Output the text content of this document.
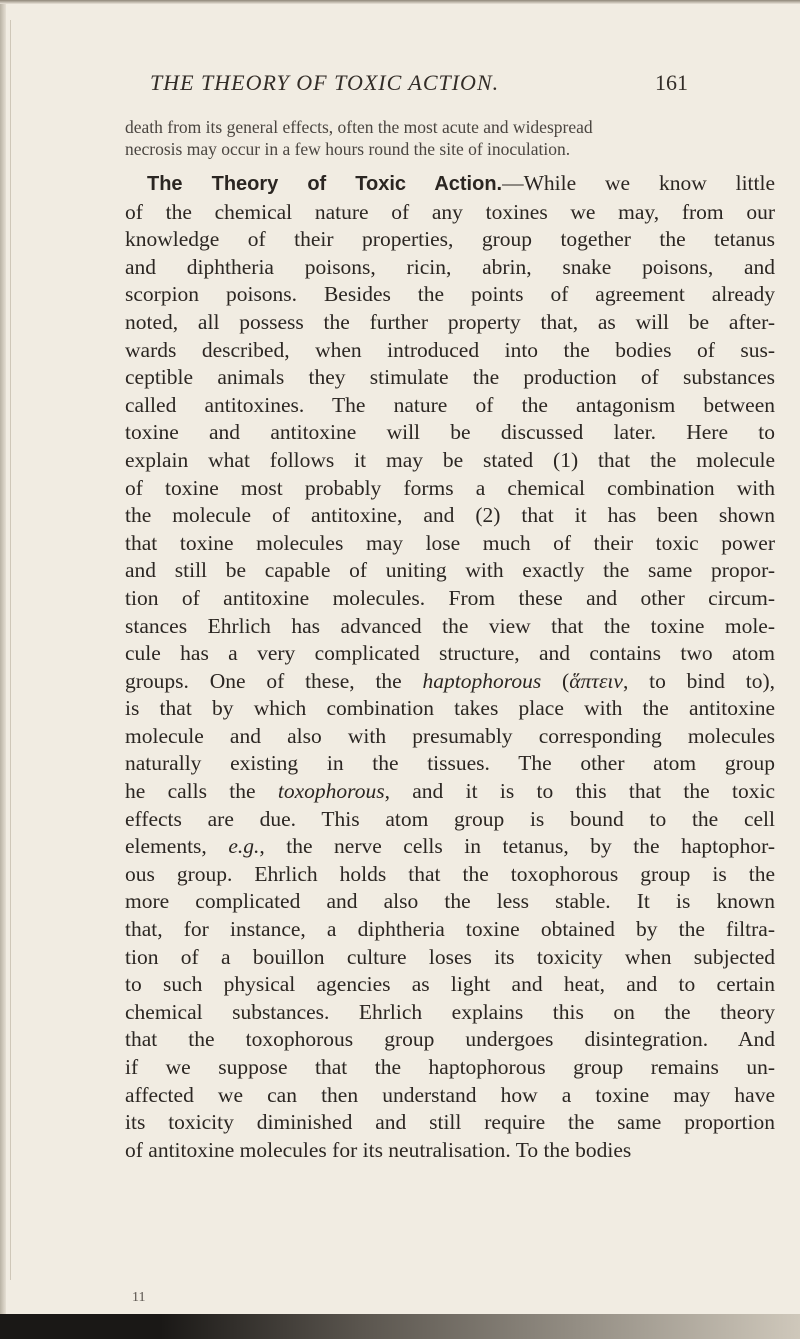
THE THEORY OF TOXIC ACTION.	161
death from its general effects, often the most acute and widespread
necrosis may occur in a few hours round the site of inoculation.
The Theory of Toxic Action.—While we know little
of the chemical nature of any toxines we may, from our
knowledge of their properties, group together the tetanus
and diphtheria poisons, ricin, abrin, snake poisons, and
scorpion poisons. Besides the points of agreement already
noted, all possess the further property that, as will be after-
wards described, when introduced into the bodies of sus-
ceptible animals they stimulate the production of substances
called antitoxines. The nature of the antagonism between
toxine and antitoxine will be discussed later. Here to
explain what follows it may be stated (1) that the molecule
of toxine most probably forms a chemical combination with
the molecule of antitoxine, and (2) that it has been shown
that toxine molecules may lose much of their toxic power
and still be capable of uniting with exactly the same propor-
tion of antitoxine molecules. From these and other circum-
stances Ehrlich has advanced the view that the toxine mole-
cule has a very complicated structure, and contains two atom
groups. One of these, the haptophorous (ἅπτειν, to bind to),
is that by which combination takes place with the antitoxine
molecule and also with presumably corresponding molecules
naturally existing in the tissues. The other atom group
he calls the toxophorous, and it is to this that the toxic
effects are due. This atom group is bound to the cell
elements, e.g., the nerve cells in tetanus, by the haptophor-
ous group. Ehrlich holds that the toxophorous group is the
more complicated and also the less stable. It is known
that, for instance, a diphtheria toxine obtained by the filtra-
tion of a bouillon culture loses its toxicity when subjected
to such physical agencies as light and heat, and to certain
chemical substances. Ehrlich explains this on the theory
that the toxophorous group undergoes disintegration. And
if we suppose that the haptophorous group remains un-
affected we can then understand how a toxine may have
its toxicity diminished and still require the same proportion
of antitoxine molecules for its neutralisation. To the bodies
11
